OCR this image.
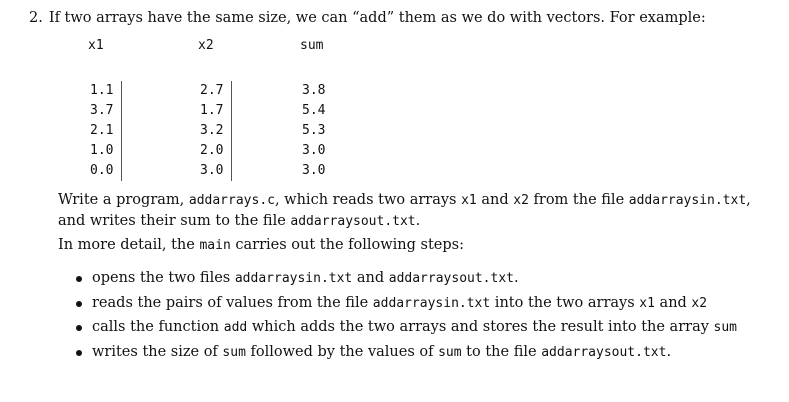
2. If two arrays have the same size, we can “add” them as we do with vectors. For example:
x1
1.1
3.7
2.1
1.0
0.0
x2
2.7
1.7
3.2
2.0
3.0
sum
3.8
5.4
5.3
3.0
3.0
Write a program, addarrays.c, which reads two arrays x1 and x2 from the file addarraysin.txt,
and writes their sum to the file addarraysout.txt.
In more detail, the main carries out the following steps:
opens the two files addarraysin.txt and addarraysout.txt.
reads the pairs of values from the file addarraysin.txt into the two arrays x1 and x2
calls the function add which adds the two arrays and stores the result into the array sum
writes the size of sum followed by the values of sum to the file addarraysout.txt.
